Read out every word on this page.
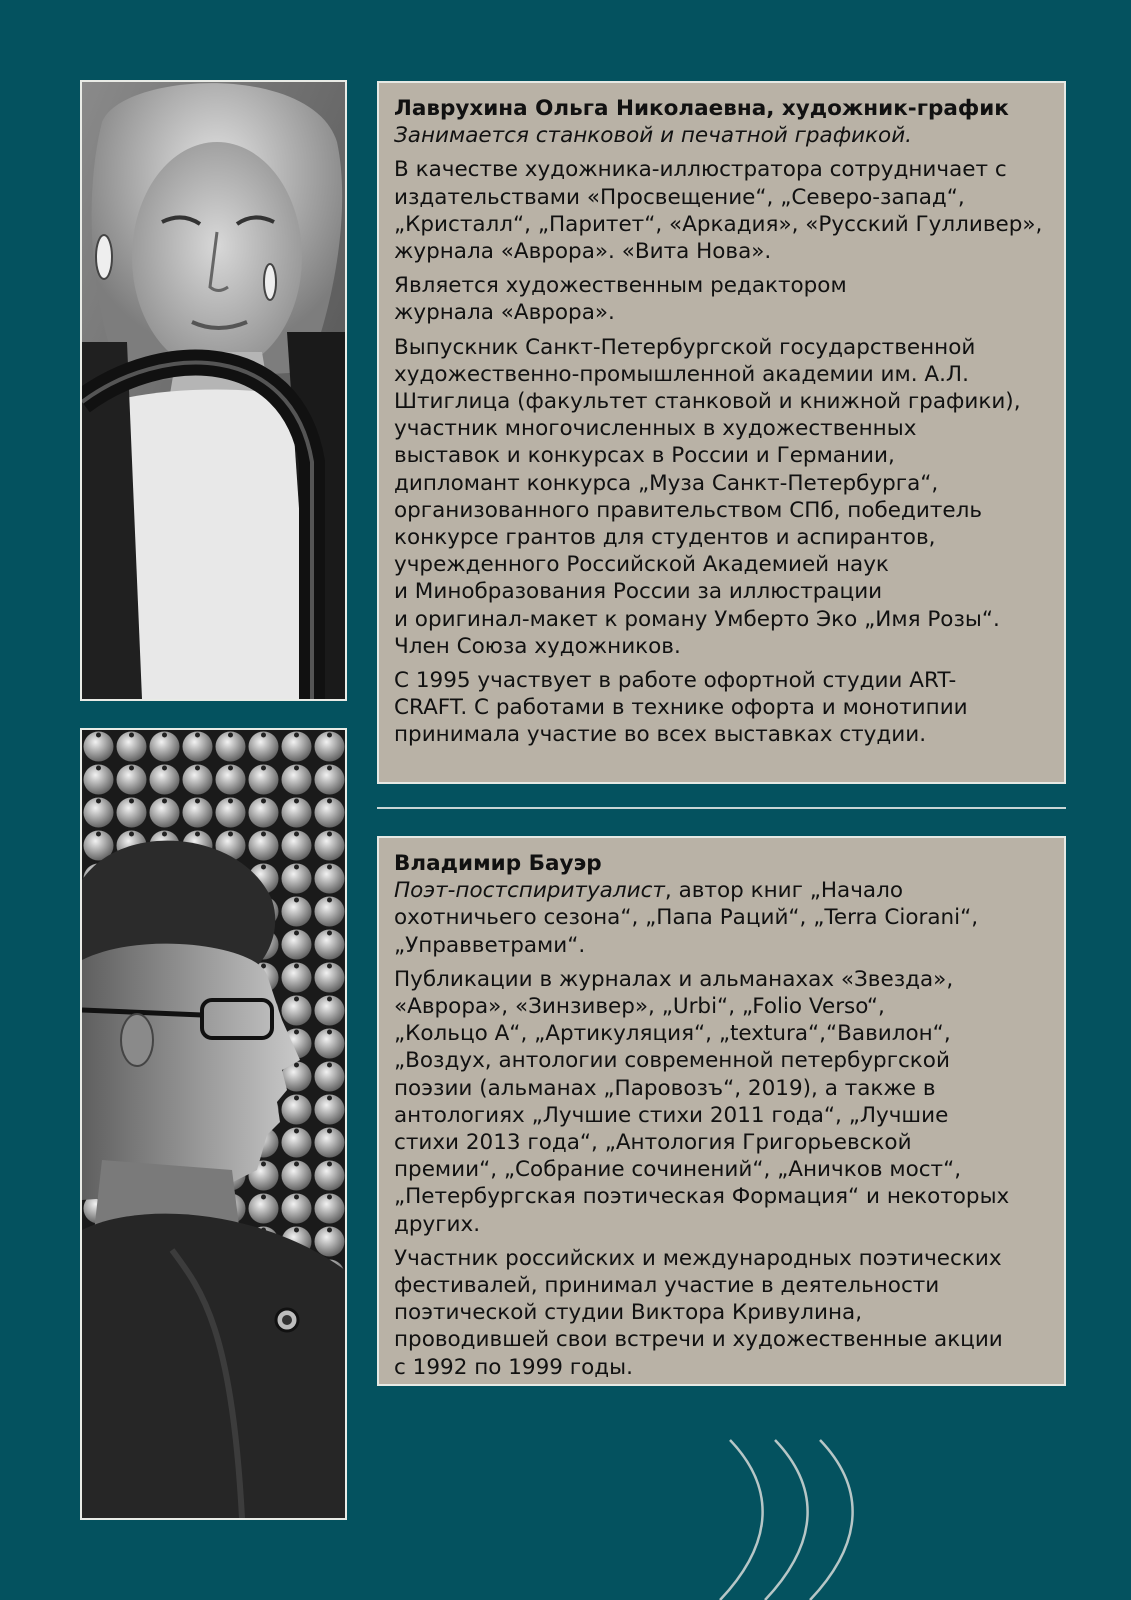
Лаврухина Ольга Николаевна, художник-график
Занимается станковой и печатной графикой.

В качестве художника-иллюстратора сотрудничает с
издательствами «Просвещение“, „Северо-запад“,
„Кристалл“, „Паритет“, «Аркадия», «Русский Гулливер»,
журнала «Аврора». «Вита Нова».

Является художественным редактором
журнала «Аврора».

Выпускник Санкт-Петербургской государственной
художественно-промышленной академии им. А.Л.
Штиглица (факультет станковой и книжной графики),
участник многочисленных в художественных
выставок и конкурсах в России и Германии,
дипломант конкурса „Муза Санкт-Петербурга“,
организованного правительством СПб, победитель
конкурсе грантов для студентов и аспирантов,
учрежденного Российской Академией наук
и Минобразования России за иллюстрации
и оригинал-макет к роману Умберто Эко „Имя Розы“.
Член Союза художников.

С 1995 участвует в работе офортной студии ART-
CRAFT. С работами в технике офорта и монотипии
принимала участие во всех выставках студии.

Владимир Бауэр

Поэт-постспиритуалист, автор книг „Начало
охотничьего сезона“, „Папа Раций“, „Terra Ciorani“,
„Управветрами“.

Публикации в журналах и альманахах «Звезда»,
«Аврора», «Зинзивер», „Urbi“, „Folio Verso“,
„Кольцо А“, „Артикуляция“, „textura“,“Вавилон“,
„Воздух, антологии современной петербургской
поэзии (альманах „Паровозъ“, 2019), а также в
антологиях „Лучшие стихи 2011 года“, „Лучшие
стихи 2013 года“, „Антология Григорьевской
премии“, „Собрание сочинений“, „Аничков мост“,
„Петербургская поэтическая Формация“ и некоторых
других.

Участник российских и международных поэтических
фестивалей, принимал участие в деятельности
поэтической студии Виктора Кривулина,
проводившей свои встречи и художественные акции
с 1992 по 1999 годы.
